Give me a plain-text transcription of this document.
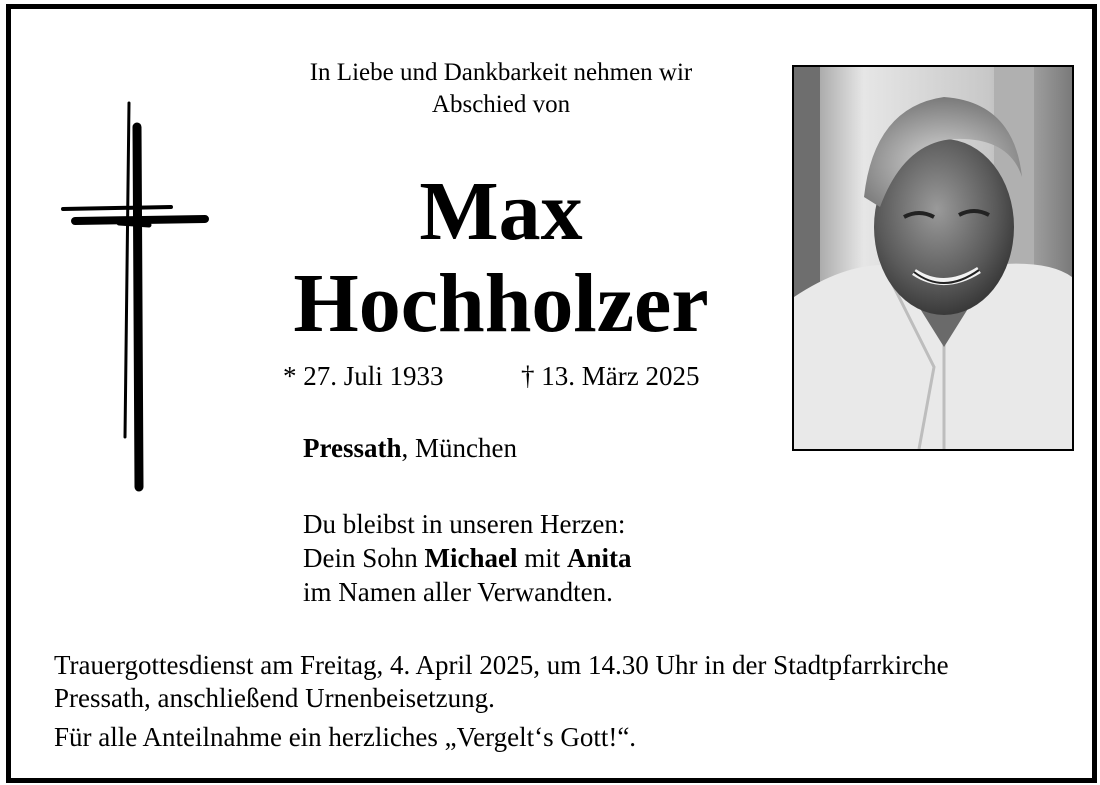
In Liebe und Dankbarkeit nehmen wir
Abschied von
Max
Hochholzer
* 27. Juli 1933	† 13. März 2025
Pressath, München
Du bleibst in unseren Herzen:
Dein Sohn Michael mit Anita
im Namen aller Verwandten.
Trauergottesdienst am Freitag, 4. April 2025, um 14.30 Uhr in der Stadtpfarrkirche
Pressath, anschließend Urnenbeisetzung.
Für alle Anteilnahme ein herzliches „Vergelt‘s Gott!“.
